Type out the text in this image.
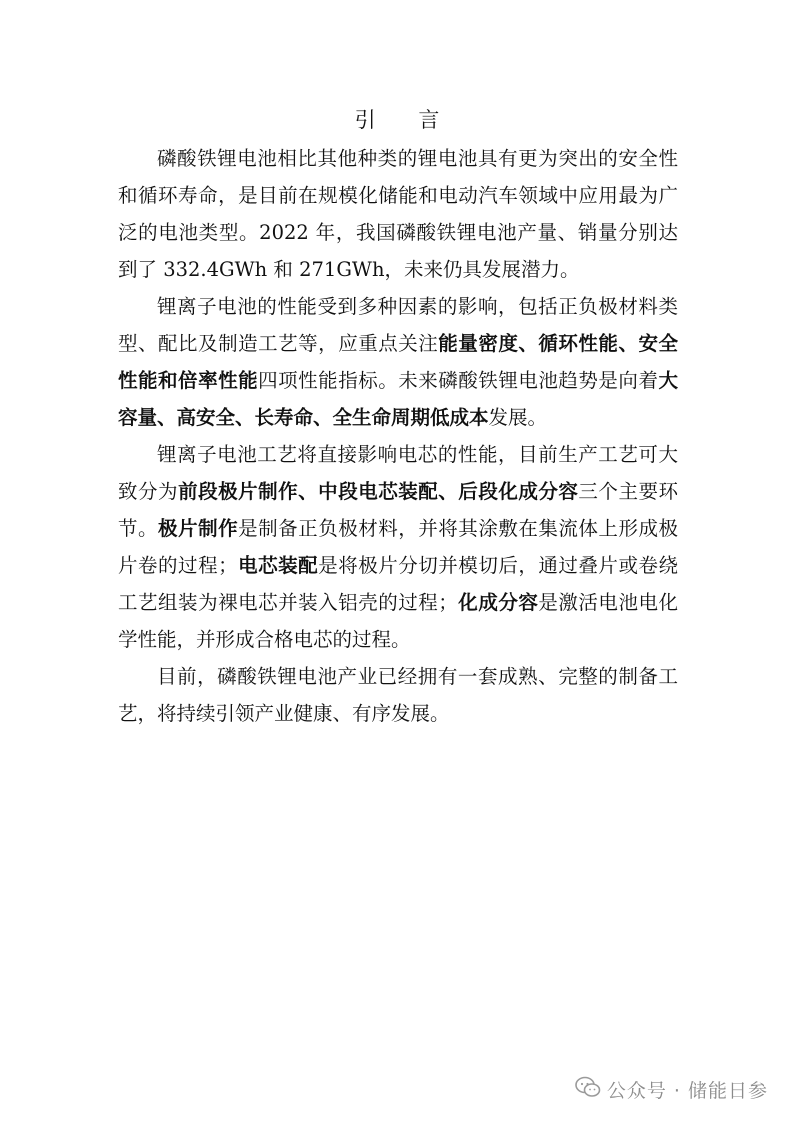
引 言

磷酸铁锂电池相比其他种类的锂电池具有更为突出的安全性和循环寿命，是目前在规模化储能和电动汽车领域中应用最为广泛的电池类型。2022 年，我国磷酸铁锂电池产量、销量分别达到了 332.4GWh 和 271GWh，未来仍具发展潜力。

锂离子电池的性能受到多种因素的影响，包括正负极材料类型、配比及制造工艺等，应重点关注能量密度、循环性能、安全性能和倍率性能四项性能指标。未来磷酸铁锂电池趋势是向着大容量、高安全、长寿命、全生命周期低成本发展。

锂离子电池工艺将直接影响电芯的性能，目前生产工艺可大致分为前段极片制作、中段电芯装配、后段化成分容三个主要环节。极片制作是制备正负极材料，并将其涂敷在集流体上形成极片卷的过程；电芯装配是将极片分切并模切后，通过叠片或卷绕工艺组装为裸电芯并装入铝壳的过程；化成分容是激活电池电化学性能，并形成合格电芯的过程。

目前，磷酸铁锂电池产业已经拥有一套成熟、完整的制备工艺，将持续引领产业健康、有序发展。

公众号 · 储能日参
